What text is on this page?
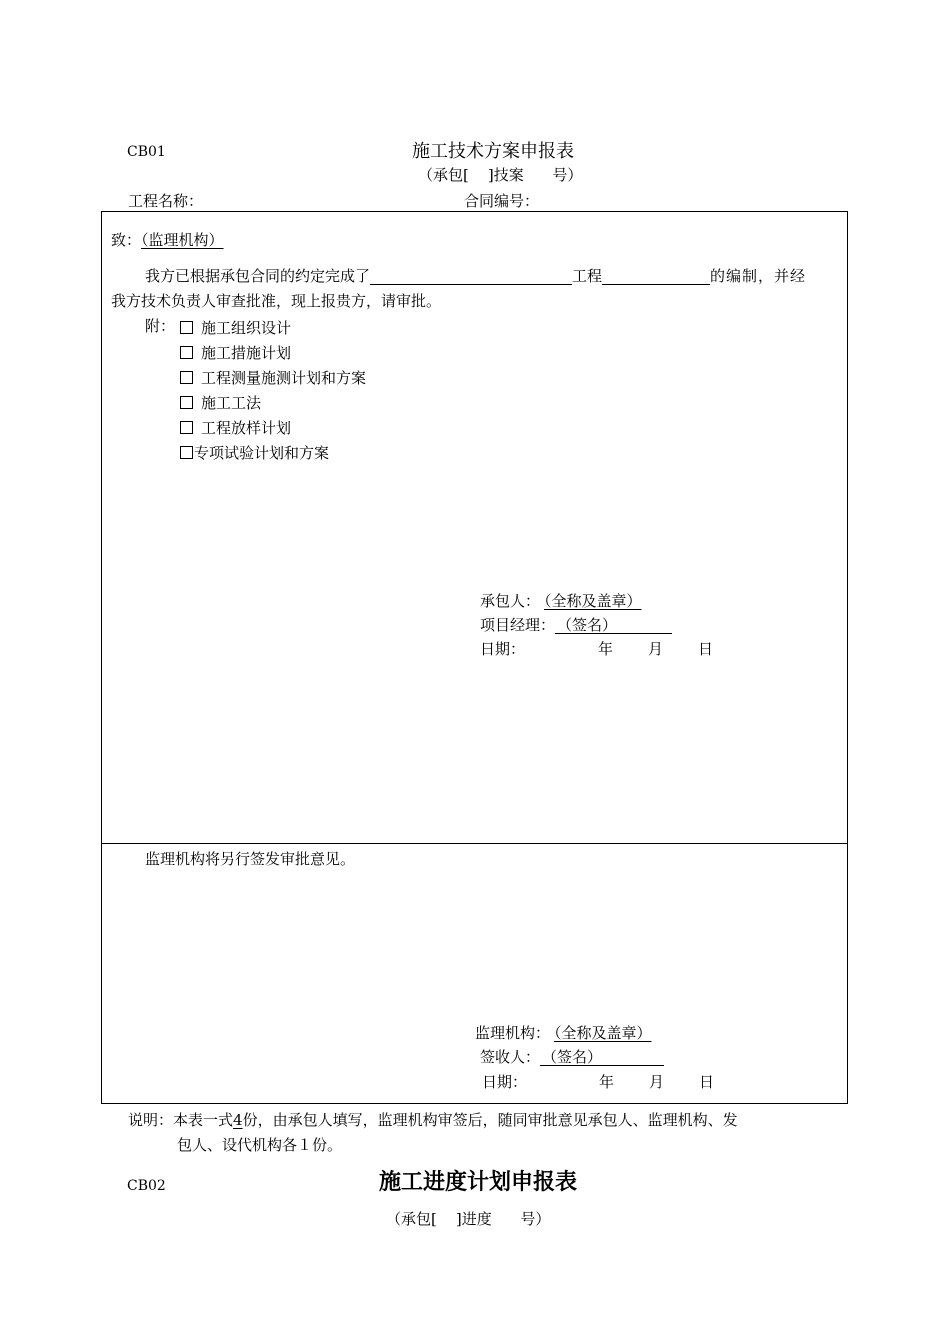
CB01	施工技术方案申报表
（承包[    ]技案      号）
工程名称：	合同编号：
致：（监理机构）
我方已根据承包合同的约定完成了	工程	的编制，并经
我方技术负责人审查批准，现上报贵方，请审批。
附：	施工组织设计
施工措施计划
工程测量施测计划和方案
施工工法
工程放样计划
专项试验计划和方案
承包人： （全称及盖章）
项目经理： （签名）
日期：	年 月 日
监理机构将另行签发审批意见。
监理机构： （全称及盖章）
签收人： （签名）
日期：	年 月 日
说明：本表一式4份，由承包人填写，监理机构审签后，随同审批意见承包人、监理机构、发
包人、设代机构各１份。
CB02	施工进度计划申报表
（承包[    ]进度      号）
